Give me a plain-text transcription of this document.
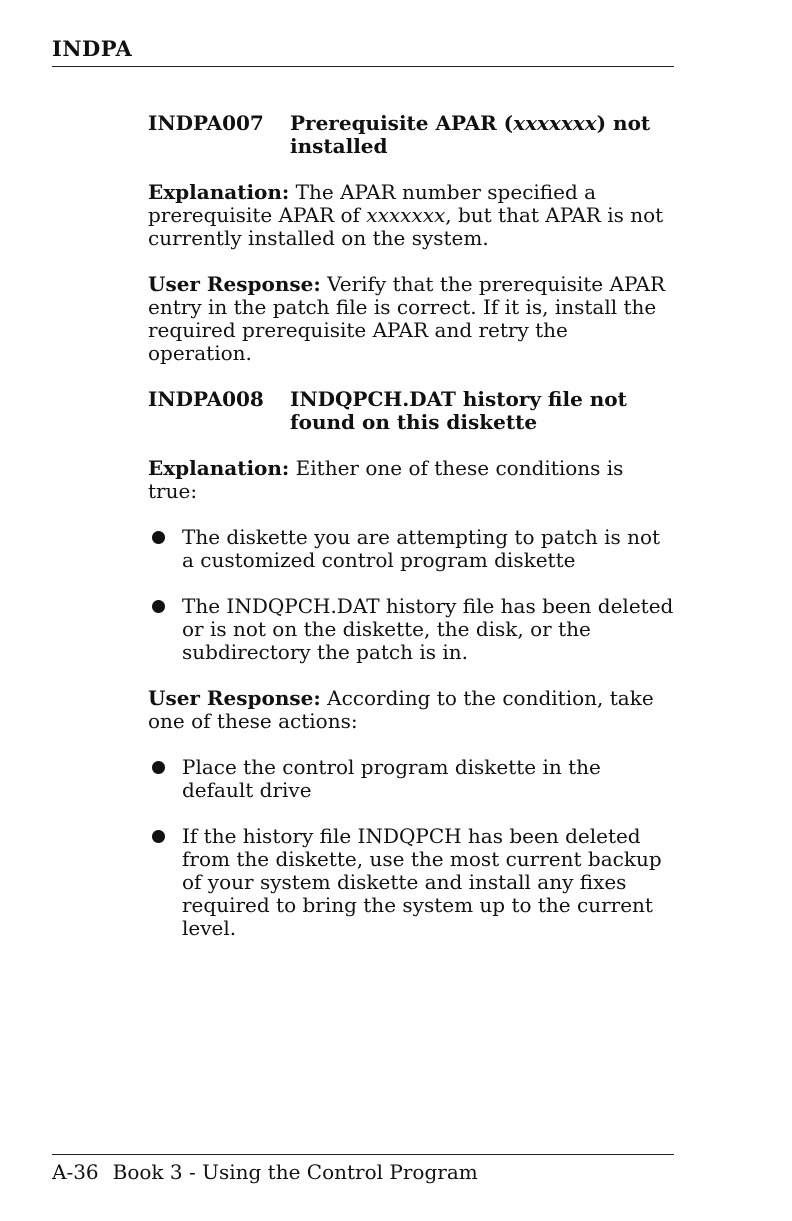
INDPA
INDPA007	Prerequisite APAR (xxxxxxx) not installed

Explanation: The APAR number specified a prerequisite APAR of xxxxxxx, but that APAR is not currently installed on the system.

User Response: Verify that the prerequisite APAR entry in the patch file is correct. If it is, install the required prerequisite APAR and retry the operation.

INDPA008	INDQPCH.DAT history file not found on this diskette

Explanation: Either one of these conditions is true:

The diskette you are attempting to patch is not a customized control program diskette
The INDQPCH.DAT history file has been deleted or is not on the diskette, the disk, or the subdirectory the patch is in.

User Response: According to the condition, take one of these actions:

Place the control program diskette in the default drive
If the history file INDQPCH has been deleted from the diskette, use the most current backup of your system diskette and install any fixes required to bring the system up to the current level.
A-36 Book 3 - Using the Control Program
